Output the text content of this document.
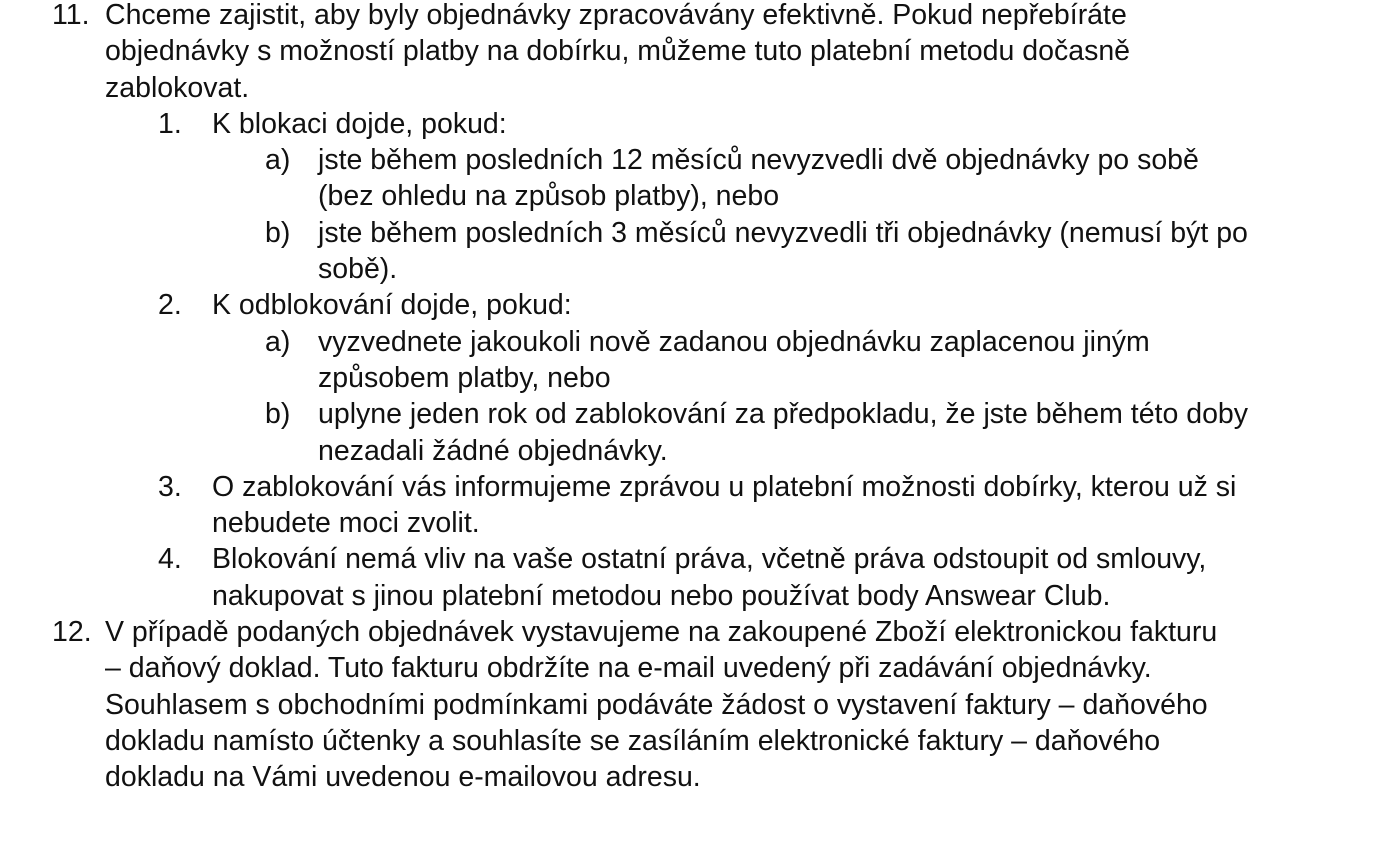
11. Chceme zajistit, aby byly objednávky zpracovávány efektivně. Pokud nepřebíráte
objednávky s možností platby na dobírku, můžeme tuto platební metodu dočasně
zablokovat.
1. K blokaci dojde, pokud:
a) jste během posledních 12 měsíců nevyzvedli dvě objednávky po sobě
(bez ohledu na způsob platby), nebo
b) jste během posledních 3 měsíců nevyzvedli tři objednávky (nemusí být po
sobě).
2. K odblokování dojde, pokud:
a) vyzvednete jakoukoli nově zadanou objednávku zaplacenou jiným
způsobem platby, nebo
b) uplyne jeden rok od zablokování za předpokladu, že jste během této doby
nezadali žádné objednávky.
3. O zablokování vás informujeme zprávou u platební možnosti dobírky, kterou už si
nebudete moci zvolit.
4. Blokování nemá vliv na vaše ostatní práva, včetně práva odstoupit od smlouvy,
nakupovat s jinou platební metodou nebo používat body Answear Club.
12. V případě podaných objednávek vystavujeme na zakoupené Zboží elektronickou fakturu
– daňový doklad. Tuto fakturu obdržíte na e-mail uvedený při zadávání objednávky.
Souhlasem s obchodními podmínkami podáváte žádost o vystavení faktury – daňového
dokladu namísto účtenky a souhlasíte se zasíláním elektronické faktury – daňového
dokladu na Vámi uvedenou e-mailovou adresu.
